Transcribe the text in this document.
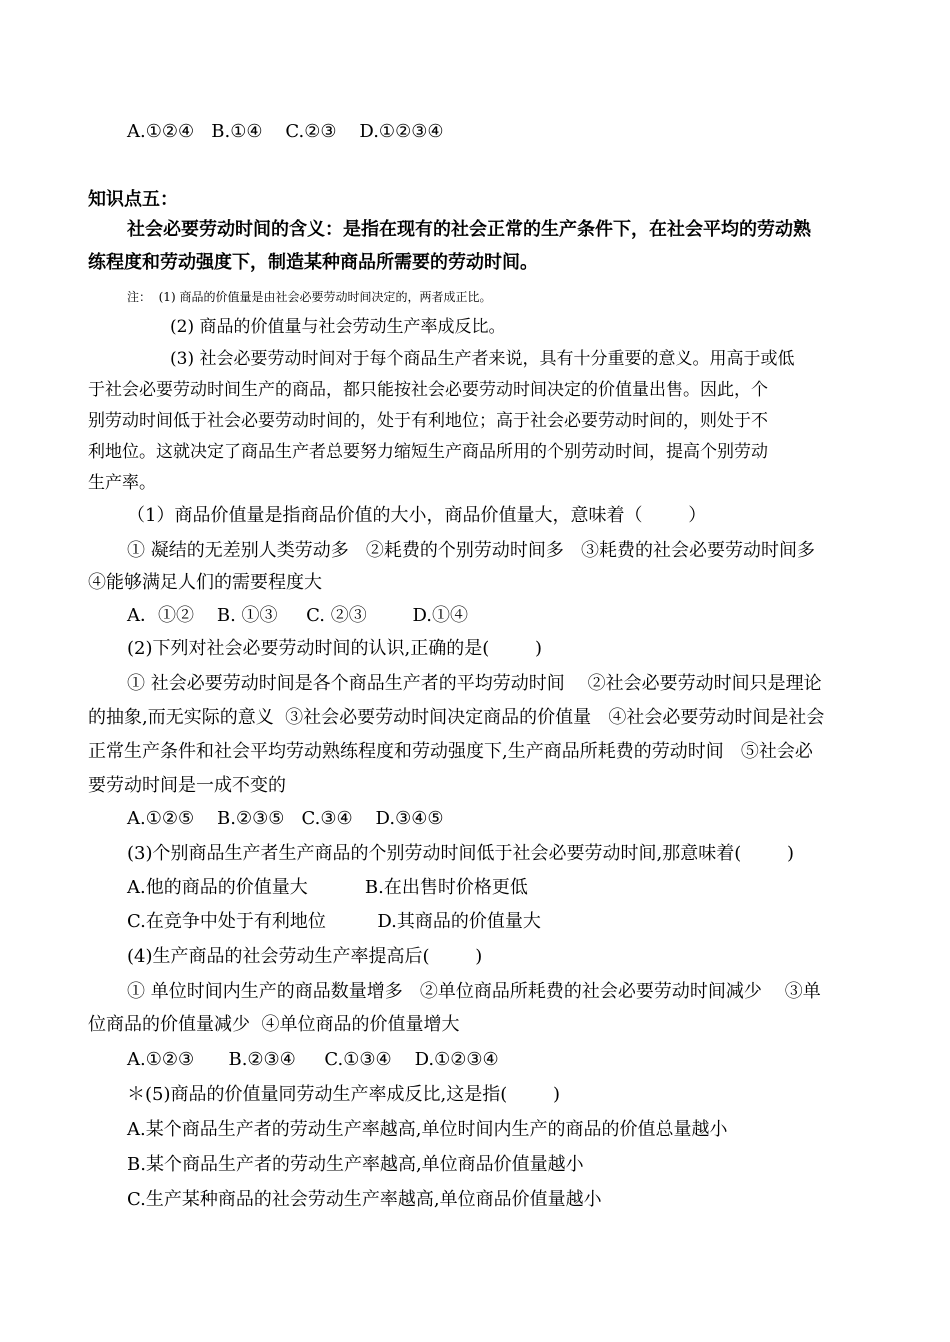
A.①②④   B.①④    C.②③    D.①②③④
知识点五：
社会必要劳动时间的含义：是指在现有的社会正常的生产条件下，在社会平均的劳动熟
练程度和劳动强度下，制造某种商品所需要的劳动时间。
注：  (1) 商品的价值量是由社会必要劳动时间决定的，两者成正比。
(2) 商品的价值量与社会劳动生产率成反比。
(3) 社会必要劳动时间对于每个商品生产者来说，具有十分重要的意义。用高于或低
于社会必要劳动时间生产的商品，都只能按社会必要劳动时间决定的价值量出售。因此，个
别劳动时间低于社会必要劳动时间的，处于有利地位；高于社会必要劳动时间的，则处于不
利地位。这就决定了商品生产者总要努力缩短生产商品所用的个别劳动时间，提高个别劳动
生产率。
（1）商品价值量是指商品价值的大小，商品价值量大，意味着（        ）
① 凝结的无差别人类劳动多   ②耗费的个别劳动时间多   ③耗费的社会必要劳动时间多
④能够满足人们的需要程度大
A．①②    B. ①③     C. ②③        D.①④
(2)下列对社会必要劳动时间的认识,正确的是(        )
① 社会必要劳动时间是各个商品生产者的平均劳动时间    ②社会必要劳动时间只是理论
的抽象,而无实际的意义  ③社会必要劳动时间决定商品的价值量   ④社会必要劳动时间是社会
正常生产条件和社会平均劳动熟练程度和劳动强度下,生产商品所耗费的劳动时间   ⑤社会必
要劳动时间是一成不变的
A.①②⑤    B.②③⑤   C.③④    D.③④⑤
(3)个别商品生产者生产商品的个别劳动时间低于社会必要劳动时间,那意味着(        )
A.他的商品的价值量大          B.在出售时价格更低
C.在竞争中处于有利地位         D.其商品的价值量大
(4)生产商品的社会劳动生产率提高后(        )
① 单位时间内生产的商品数量增多   ②单位商品所耗费的社会必要劳动时间减少    ③单
位商品的价值量减少  ④单位商品的价值量增大
A.①②③      B.②③④     C.①③④    D.①②③④
＊(5)商品的价值量同劳动生产率成反比,这是指(        )
A.某个商品生产者的劳动生产率越高,单位时间内生产的商品的价值总量越小
B.某个商品生产者的劳动生产率越高,单位商品价值量越小
C.生产某种商品的社会劳动生产率越高,单位商品价值量越小
